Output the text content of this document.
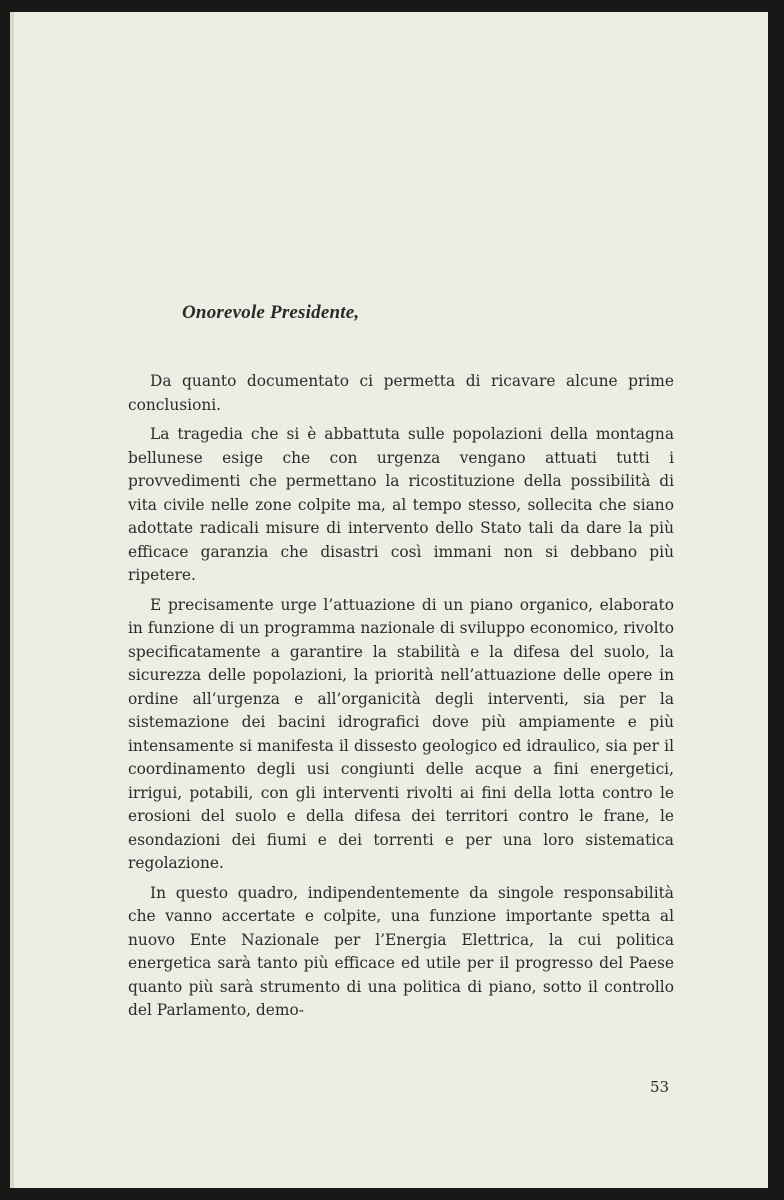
Onorevole Presidente,

Da quanto documentato ci permetta di ricavare alcune prime conclusioni.

La tragedia che si è abbattuta sulle popolazioni della montagna bellunese esige che con urgenza vengano attuati tutti i provvedimenti che permettano la ricostituzione della possibilità di vita civile nelle zone colpite ma, al tempo stesso, sollecita che siano adottate radicali misure di intervento dello Stato tali da dare la più efficace garanzia che disastri così immani non si debbano più ripetere.

E precisamente urge l’attuazione di un piano organico, elaborato in funzione di un programma nazionale di sviluppo economico, rivolto specificatamente a garantire la stabilità e la difesa del suolo, la sicurezza delle popolazioni, la priorità nell’attuazione delle opere in ordine all’urgenza e all’organicità degli interventi, sia per la sistemazione dei bacini idrografici dove più ampiamente e più intensamente si manifesta il dissesto geologico ed idraulico, sia per il coordinamento degli usi congiunti delle acque a fini energetici, irrigui, potabili, con gli interventi rivolti ai fini della lotta contro le erosioni del suolo e della difesa dei territori contro le frane, le esondazioni dei fiumi e dei torrenti e per una loro sistematica regolazione.

In questo quadro, indipendentemente da singole responsabilità che vanno accertate e colpite, una funzione importante spetta al nuovo Ente Nazionale per l’Energia Elettrica, la cui politica energetica sarà tanto più efficace ed utile per il progresso del Paese quanto più sarà strumento di una politica di piano, sotto il controllo del Parlamento, demo-

53
